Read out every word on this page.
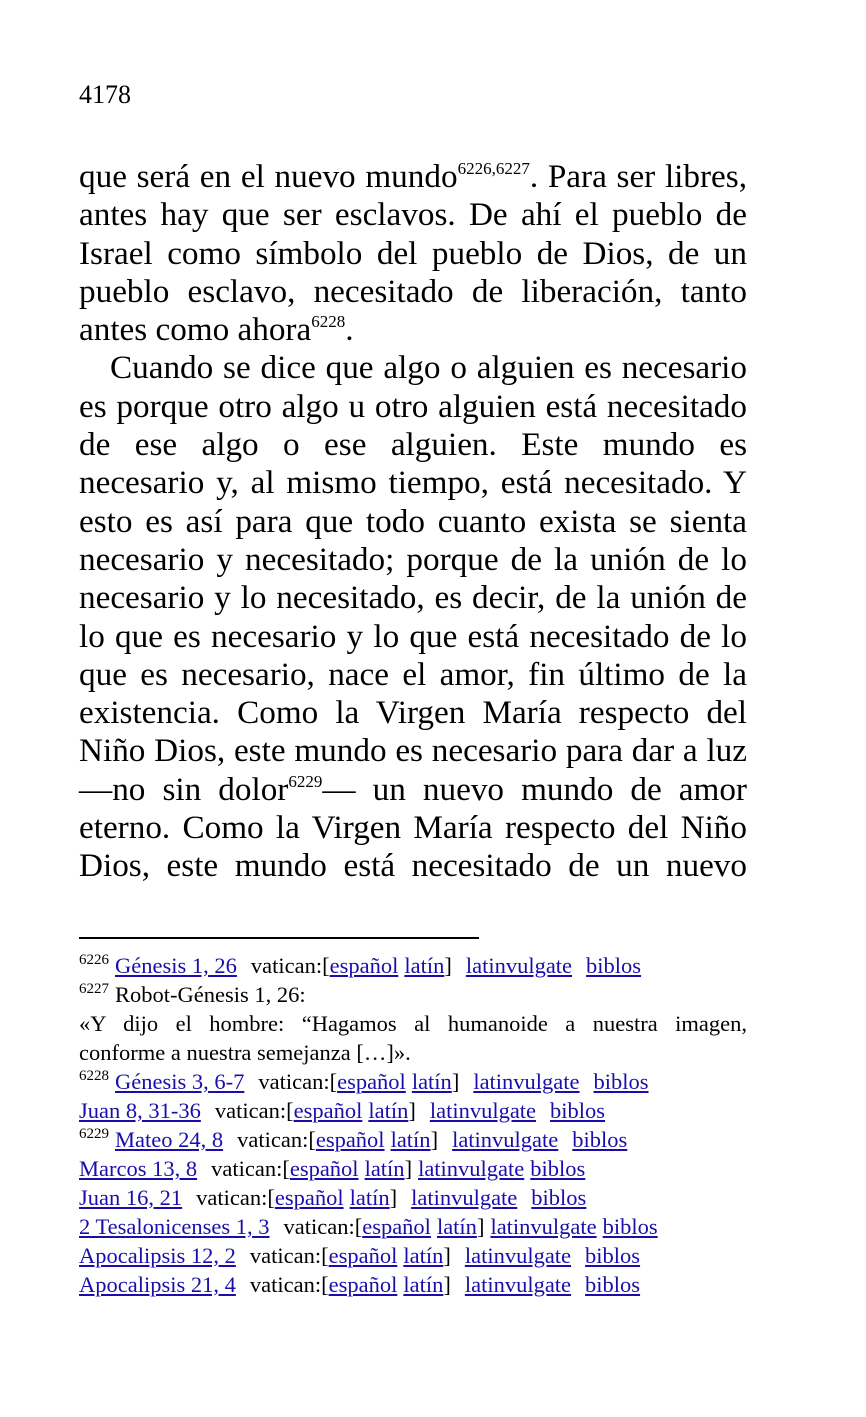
4178

que será en el nuevo mundo$^{6226,6227}$. Para ser libres,
antes hay que ser esclavos. De ahí el pueblo de
Israel como símbolo del pueblo de Dios, de un
pueblo esclavo, necesitado de liberación, tanto
antes como ahora$^{6228}$.

Cuando se dice que algo o alguien es necesario
es porque otro algo u otro alguien está necesitado
de ese algo o ese alguien. Este mundo es
necesario y, al mismo tiempo, está necesitado. Y
esto es así para que todo cuanto exista se sienta
necesario y necesitado; porque de la unión de lo
necesario y lo necesitado, es decir, de la unión de
lo que es necesario y lo que está necesitado de lo
que es necesario, nace el amor, fin último de la
existencia. Como la Virgen María respecto del
Niño Dios, este mundo es necesario para dar a luz
—no sin dolor$^{6229}$— un nuevo mundo de amor
eterno. Como la Virgen María respecto del Niño
Dios, este mundo está necesitado de un nuevo

$^{6226}$ Génesis 1, 26 vatican:[español latín] latinvulgate biblos
$^{6227}$ Robot-Génesis 1, 26:
«Y dijo el hombre: “Hagamos al humanoide a nuestra imagen,
conforme a nuestra semejanza […]».
$^{6228}$ Génesis 3, 6-7 vatican:[español latín] latinvulgate biblos
Juan 8, 31-36 vatican:[español latín] latinvulgate biblos
$^{6229}$ Mateo 24, 8 vatican:[español latín] latinvulgate biblos
Marcos 13, 8 vatican:[español latín] latinvulgate biblos
Juan 16, 21 vatican:[español latín] latinvulgate biblos
2 Tesalonicenses 1, 3 vatican:[español latín] latinvulgate biblos
Apocalipsis 12, 2 vatican:[español latín] latinvulgate biblos
Apocalipsis 21, 4 vatican:[español latín] latinvulgate biblos
